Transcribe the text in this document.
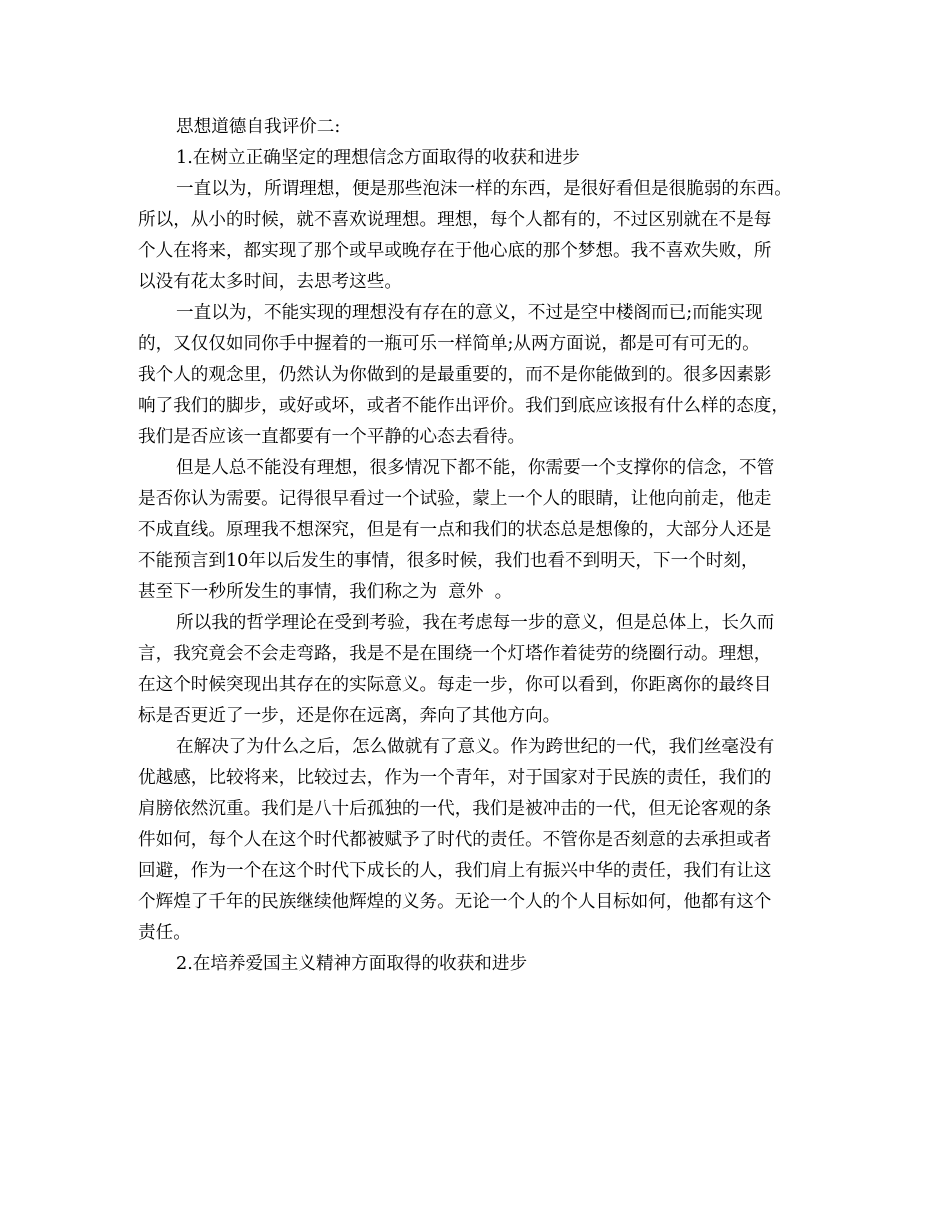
思想道德自我评价二:
1.在树立正确坚定的理想信念方面取得的收获和进步
一直以为，所谓理想，便是那些泡沫一样的东西，是很好看但是很脆弱的东西。
所以，从小的时候，就不喜欢说理想。理想，每个人都有的，不过区别就在不是每
个人在将来，都实现了那个或早或晚存在于他心底的那个梦想。我不喜欢失败，所
以没有花太多时间，去思考这些。
一直以为，不能实现的理想没有存在的意义，不过是空中楼阁而已;而能实现
的，又仅仅如同你手中握着的一瓶可乐一样简单;从两方面说，都是可有可无的。
我个人的观念里，仍然认为你做到的是最重要的，而不是你能做到的。很多因素影
响了我们的脚步，或好或坏，或者不能作出评价。我们到底应该报有什么样的态度，
我们是否应该一直都要有一个平静的心态去看待。
但是人总不能没有理想，很多情况下都不能，你需要一个支撑你的信念，不管
是否你认为需要。记得很早看过一个试验，蒙上一个人的眼睛，让他向前走，他走
不成直线。原理我不想深究，但是有一点和我们的状态总是想像的，大部分人还是
不能预言到10年以后发生的事情，很多时候，我们也看不到明天，下一个时刻，
甚至下一秒所发生的事情，我们称之为  意外  。
所以我的哲学理论在受到考验，我在考虑每一步的意义，但是总体上，长久而
言，我究竟会不会走弯路，我是不是在围绕一个灯塔作着徒劳的绕圈行动。理想，
在这个时候突现出其存在的实际意义。每走一步，你可以看到，你距离你的最终目
标是否更近了一步，还是你在远离，奔向了其他方向。
在解决了为什么之后，怎么做就有了意义。作为跨世纪的一代，我们丝毫没有
优越感，比较将来，比较过去，作为一个青年，对于国家对于民族的责任，我们的
肩膀依然沉重。我们是八十后孤独的一代，我们是被冲击的一代，但无论客观的条
件如何，每个人在这个时代都被赋予了时代的责任。不管你是否刻意的去承担或者
回避，作为一个在这个时代下成长的人，我们肩上有振兴中华的责任，我们有让这
个辉煌了千年的民族继续他辉煌的义务。无论一个人的个人目标如何，他都有这个
责任。
2.在培养爱国主义精神方面取得的收获和进步
